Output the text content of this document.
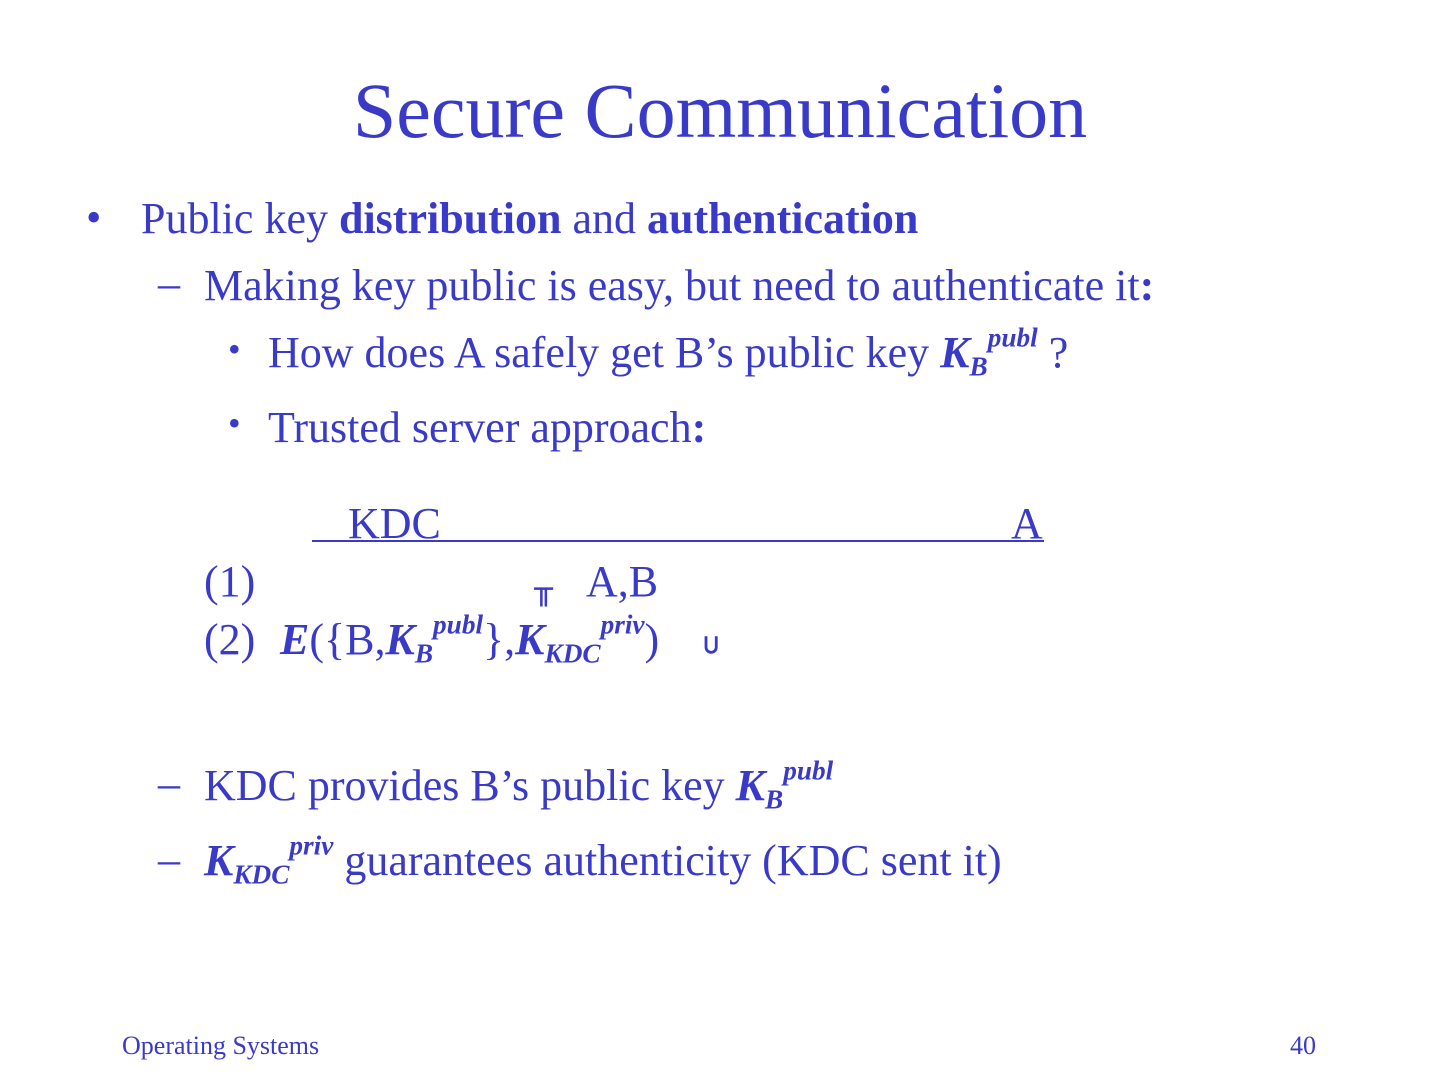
Secure Communication
• Public key distribution and authentication
– Making key public is easy, but need to authenticate it:
• How does A safely get B’s public key $K_B^{publ}$ ?
• Trusted server approach:
KDC	A
(1)	⊨ A,B
(2) $E(\{B,K_B^{publ}\},K_{KDC}^{priv})$ ⊃
– KDC provides B’s public key $K_B^{publ}$
– $K_{KDC}^{priv}$ guarantees authenticity (KDC sent it)
Operating Systems	40
